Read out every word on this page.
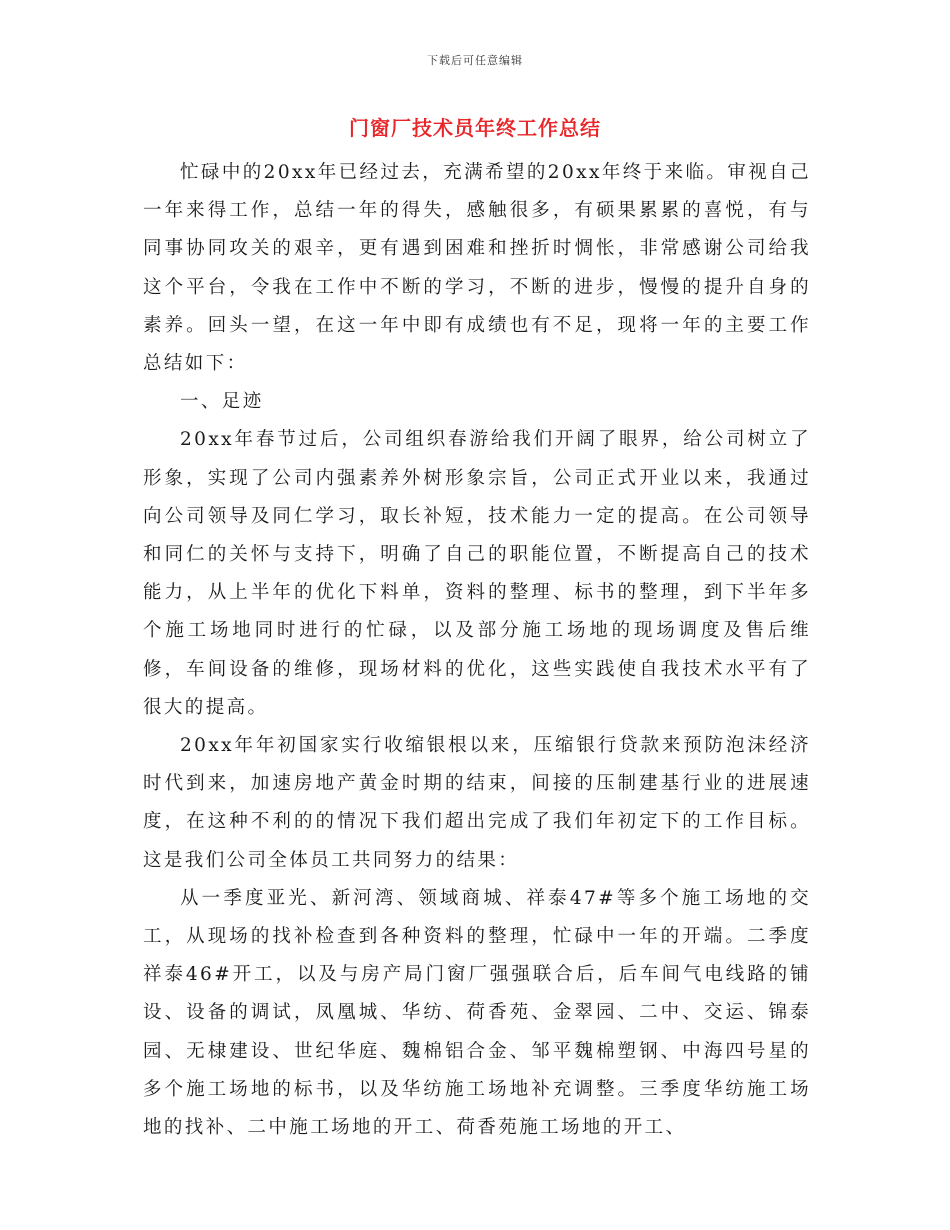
下载后可任意编辑
门窗厂技术员年终工作总结

忙碌中的20xx年已经过去，充满希望的20xx年终于来临。审视自己一年来得工作，总结一年的得失，感触很多，有硕果累累的喜悦，有与同事协同攻关的艰辛，更有遇到困难和挫折时惆怅，非常感谢公司给我这个平台，令我在工作中不断的学习，不断的进步，慢慢的提升自身的素养。回头一望，在这一年中即有成绩也有不足，现将一年的主要工作总结如下：

一、足迹

20xx年春节过后，公司组织春游给我们开阔了眼界，给公司树立了形象，实现了公司内强素养外树形象宗旨，公司正式开业以来，我通过向公司领导及同仁学习，取长补短，技术能力一定的提高。在公司领导和同仁的关怀与支持下，明确了自己的职能位置，不断提高自己的技术能力，从上半年的优化下料单，资料的整理、标书的整理，到下半年多个施工场地同时进行的忙碌，以及部分施工场地的现场调度及售后维修，车间设备的维修，现场材料的优化，这些实践使自我技术水平有了很大的提高。

20xx年年初国家实行收缩银根以来，压缩银行贷款来预防泡沫经济时代到来，加速房地产黄金时期的结束，间接的压制建基行业的进展速度，在这种不利的的情况下我们超出完成了我们年初定下的工作目标。这是我们公司全体员工共同努力的结果：

从一季度亚光、新河湾、领域商城、祥泰47#等多个施工场地的交工，从现场的找补检查到各种资料的整理，忙碌中一年的开端。二季度祥泰46#开工，以及与房产局门窗厂强强联合后，后车间气电线路的铺设、设备的调试，凤凰城、华纺、荷香苑、金翠园、二中、交运、锦泰园、无棣建设、世纪华庭、魏棉铝合金、邹平魏棉塑钢、中海四号星的多个施工场地的标书，以及华纺施工场地补充调整。三季度华纺施工场地的找补、二中施工场地的开工、荷香苑施工场地的开工、
